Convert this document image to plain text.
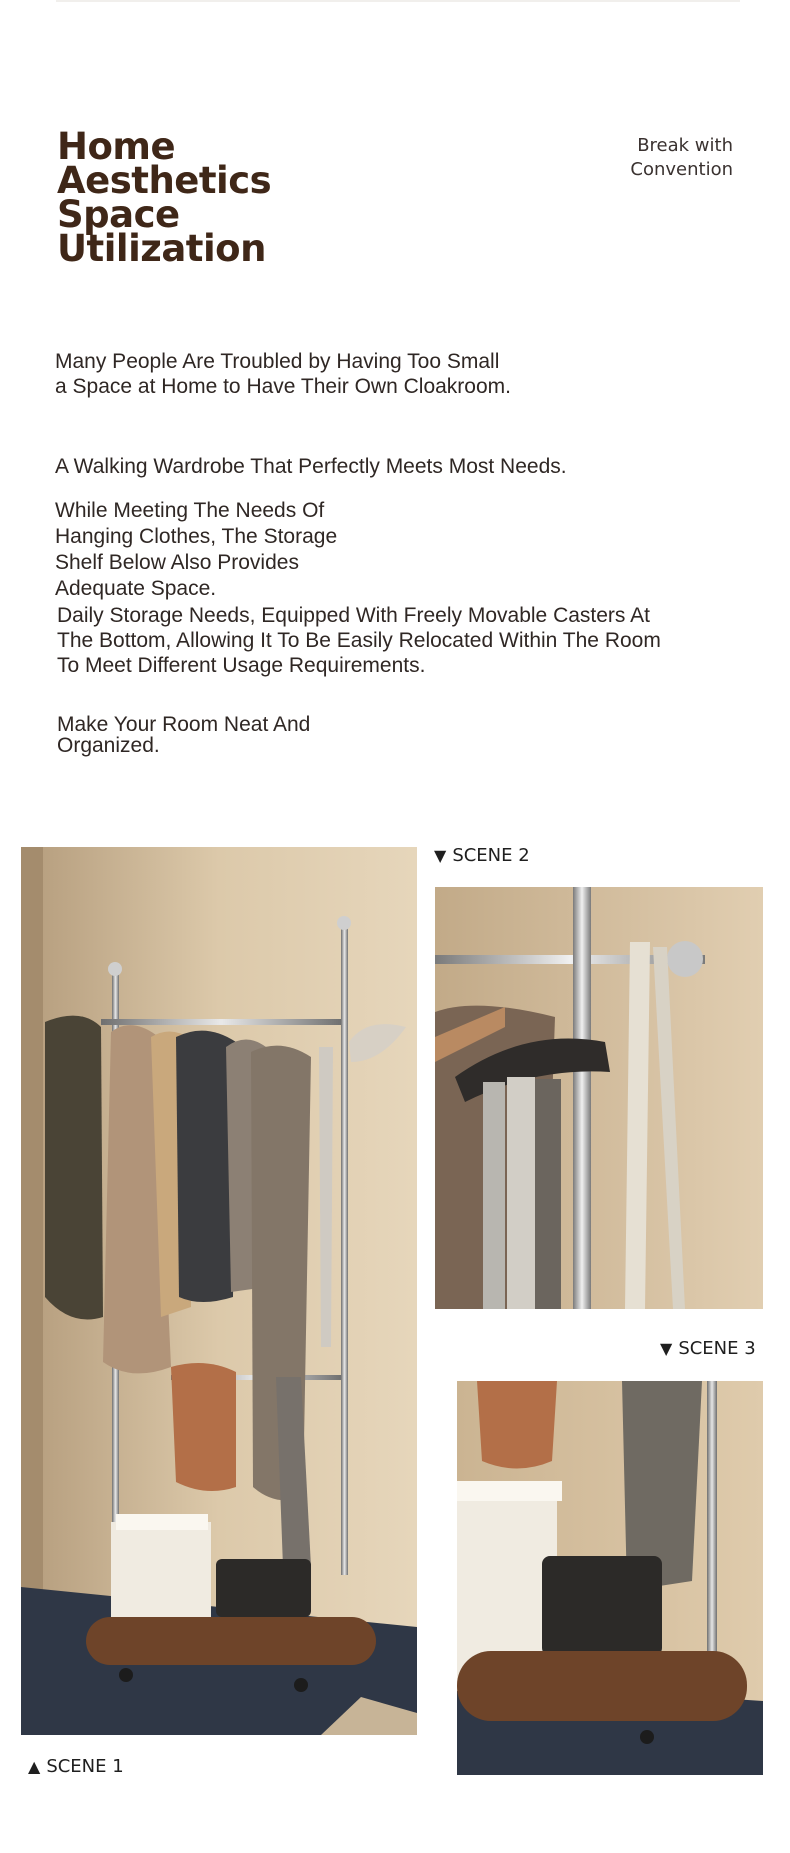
Home
Aesthetics
Space
Utilization
Break with
Convention

Many People Are Troubled by Having Too Small a Space at Home to Have Their Own Cloakroom.

A Walking Wardrobe That Perfectly Meets Most Needs.

While Meeting The Needs Of Hanging Clothes, The Storage Shelf Below Also Provides Adequate Space.

Daily Storage Needs, Equipped With Freely Movable Casters At The Bottom, Allowing It To Be Easily Relocated Within The Room To Meet Different Usage Requirements.

Make Your Room Neat And Organized.

▲ SCENE 1
▼ SCENE 2
▼ SCENE 3
